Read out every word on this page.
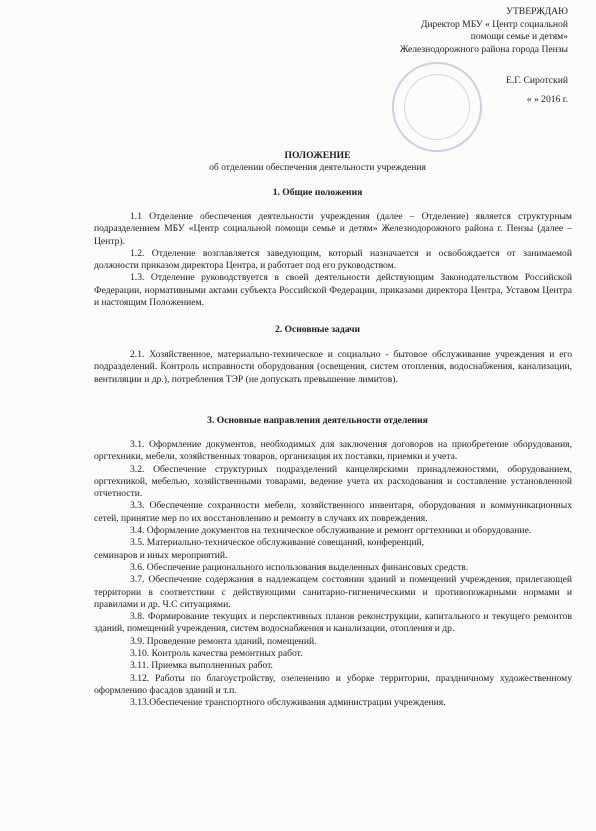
УТВЕРЖДАЮ
Директор МБУ « Центр социальной
помощи семье и детям»
Железнодорожного района города Пензы
Е.Г. Сиротский
« » 2016 г.
ПОЛОЖЕНИЕ
об отделении обеспечения деятельности учреждения
1. Общие положения

1.1 Отделение обеспечения деятельности учреждения (далее – Отделение) является структурным подразделением МБУ «Центр социальной помощи семье и детям» Железнодорожного района г. Пензы (далее – Центр).

1.2. Отделение возглавляется заведующим, который назначается и освобождается от занимаемой должности приказом директора Центра, и работает под его руководством.

1.3. Отделение руководствуется в своей деятельности действующим Законодательством Российской Федерации, нормативными актами субъекта Российской Федерации, приказами директора Центра, Уставом Центра и настоящим Положением.

2. Основные задачи

2.1. Хозяйственное, материально-техническое и социально - бытовое обслуживание учреждения и его подразделений. Контроль исправности оборудования (освещения, систем отопления, водоснабжения, канализации, вентиляции и др.), потребления ТЭР (не допускать превышение лимитов).

3. Основные направления деятельности отделения

3.1. Оформление документов, необходимых для заключения договоров на приобретение оборудования, оргтехники, мебели, хозяйственных товаров, организация их поставки, приемки и учета.

3.2. Обеспечение структурных подразделений канцелярскими принадлежностями, оборудованием, оргтехникой, мебелью, хозяйственными товарами, ведение учета их расходования и составление установленной отчетности.

3.3. Обеспечение сохранности мебели, хозяйственного инвентаря, оборудования и коммуникационных сетей, принятие мер по их восстановлению и ремонту в случаях их повреждения.

3.4. Оформление документов на техническое обслуживание и ремонт оргтехники и оборудование.

3.5. Материально-техническое обслуживание совещаний, конференций,

семинаров и иных мероприятий.

3.6. Обеспечение рационального использования выделенных финансовых средств.

3.7. Обеспечение содержания в надлежащем состоянии зданий и помещений учреждения, прилегающей территории в соответствии с действующими санитарно-гигиеническими и противопожарными нормами и правилами и др. Ч.С ситуациями.

3.8. Формирование текущих и перспективных планов реконструкции, капитального и текущего ремонтов зданий, помещений учреждения, систем водоснабжения и канализации, отопления и др.

3.9. Проведение ремонта зданий, помещений.

3.10. Контроль качества ремонтных работ.

3.11. Приемка выполненных работ.

3.12. Работы по благоустройству, озеленению и уборке территории, праздничному художественному оформлению фасадов зданий и т.п.

3.13.Обеспечение транспортного обслуживания администрации учреждения.
